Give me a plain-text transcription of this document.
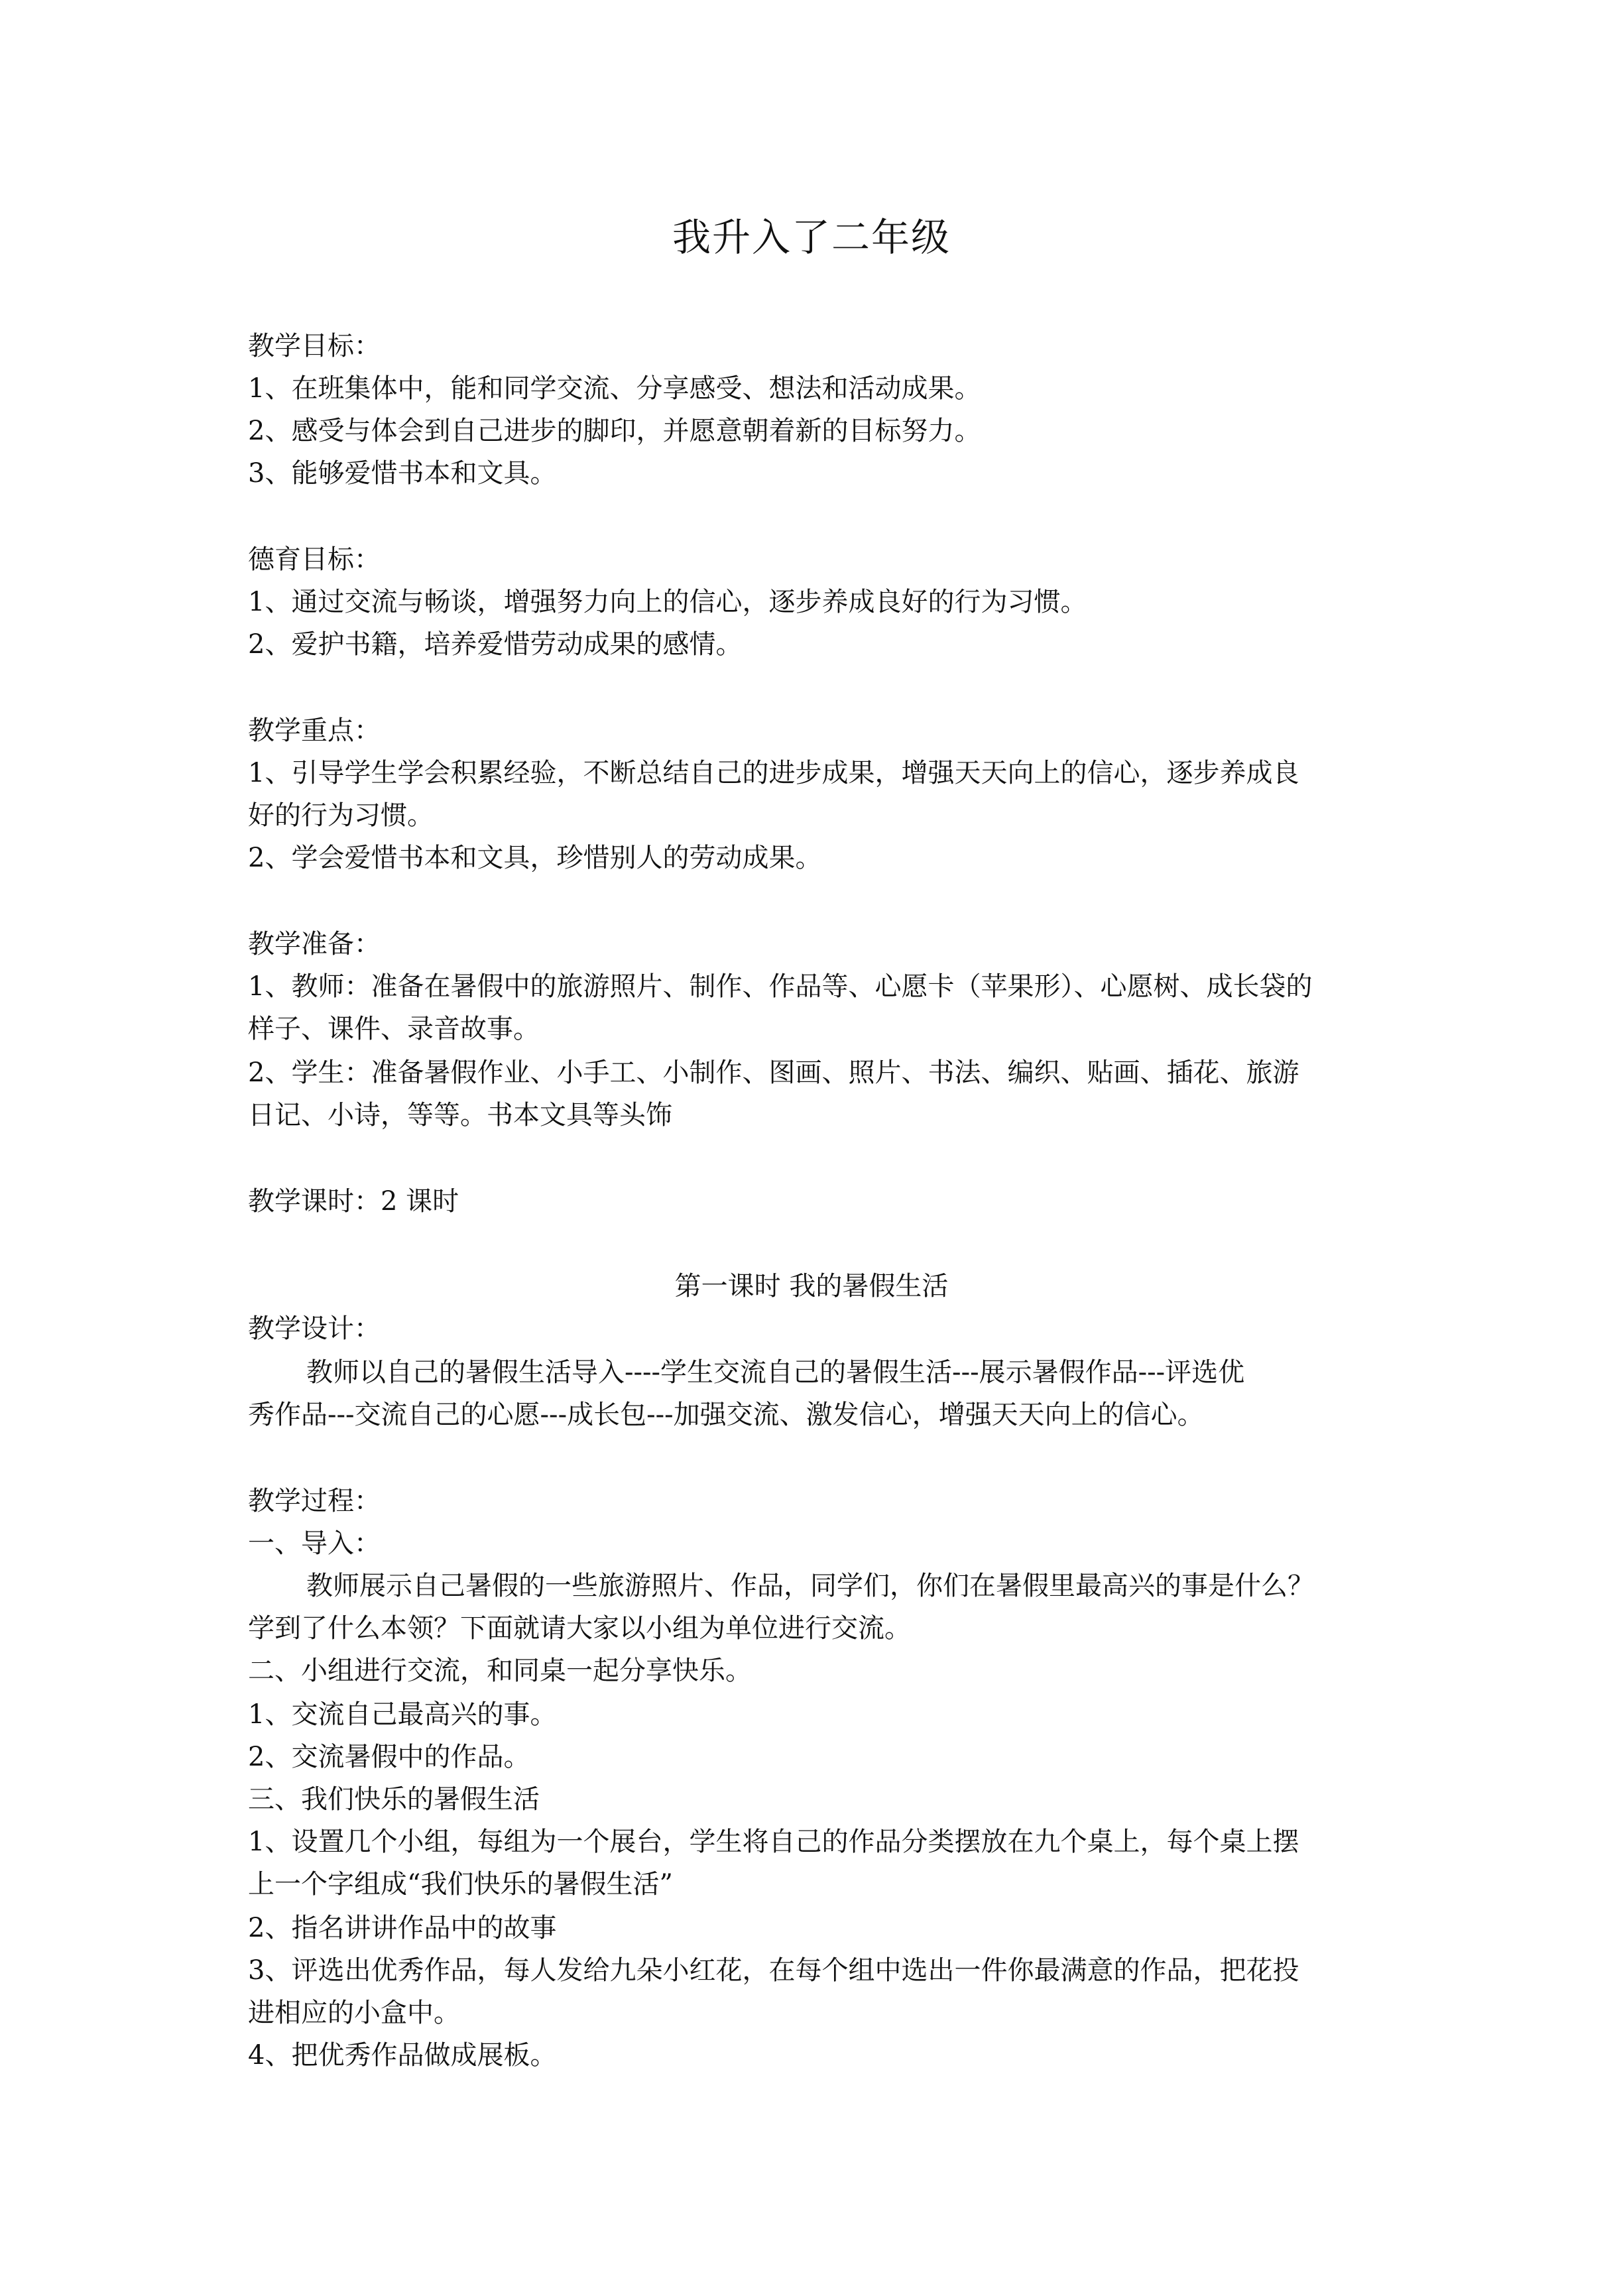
我升入了二年级
教学目标：
1、在班集体中，能和同学交流、分享感受、想法和活动成果。
2、感受与体会到自己进步的脚印，并愿意朝着新的目标努力。
3、能够爱惜书本和文具。
德育目标：
1、通过交流与畅谈，增强努力向上的信心，逐步养成良好的行为习惯。
2、爱护书籍，培养爱惜劳动成果的感情。
教学重点：
1、引导学生学会积累经验，不断总结自己的进步成果，增强天天向上的信心，逐步养成良
好的行为习惯。
2、学会爱惜书本和文具，珍惜别人的劳动成果。
教学准备：
1、教师：准备在暑假中的旅游照片、制作、作品等、心愿卡（苹果形）、心愿树、成长袋的
样子、课件、录音故事。
2、学生：准备暑假作业、小手工、小制作、图画、照片、书法、编织、贴画、插花、旅游
日记、小诗，等等。书本文具等头饰
教学课时：2 课时
第一课时 我的暑假生活
教学设计：
教师以自己的暑假生活导入----学生交流自己的暑假生活---展示暑假作品---评选优
秀作品---交流自己的心愿---成长包---加强交流、激发信心，增强天天向上的信心。
教学过程：
一、导入：
教师展示自己暑假的一些旅游照片、作品，同学们，你们在暑假里最高兴的事是什么？
学到了什么本领？下面就请大家以小组为单位进行交流。
二、小组进行交流，和同桌一起分享快乐。
1、交流自己最高兴的事。
2、交流暑假中的作品。
三、我们快乐的暑假生活
1、设置几个小组，每组为一个展台，学生将自己的作品分类摆放在九个桌上，每个桌上摆
上一个字组成“我们快乐的暑假生活”
2、指名讲讲作品中的故事
3、评选出优秀作品，每人发给九朵小红花，在每个组中选出一件你最满意的作品，把花投
进相应的小盒中。
4、把优秀作品做成展板。
